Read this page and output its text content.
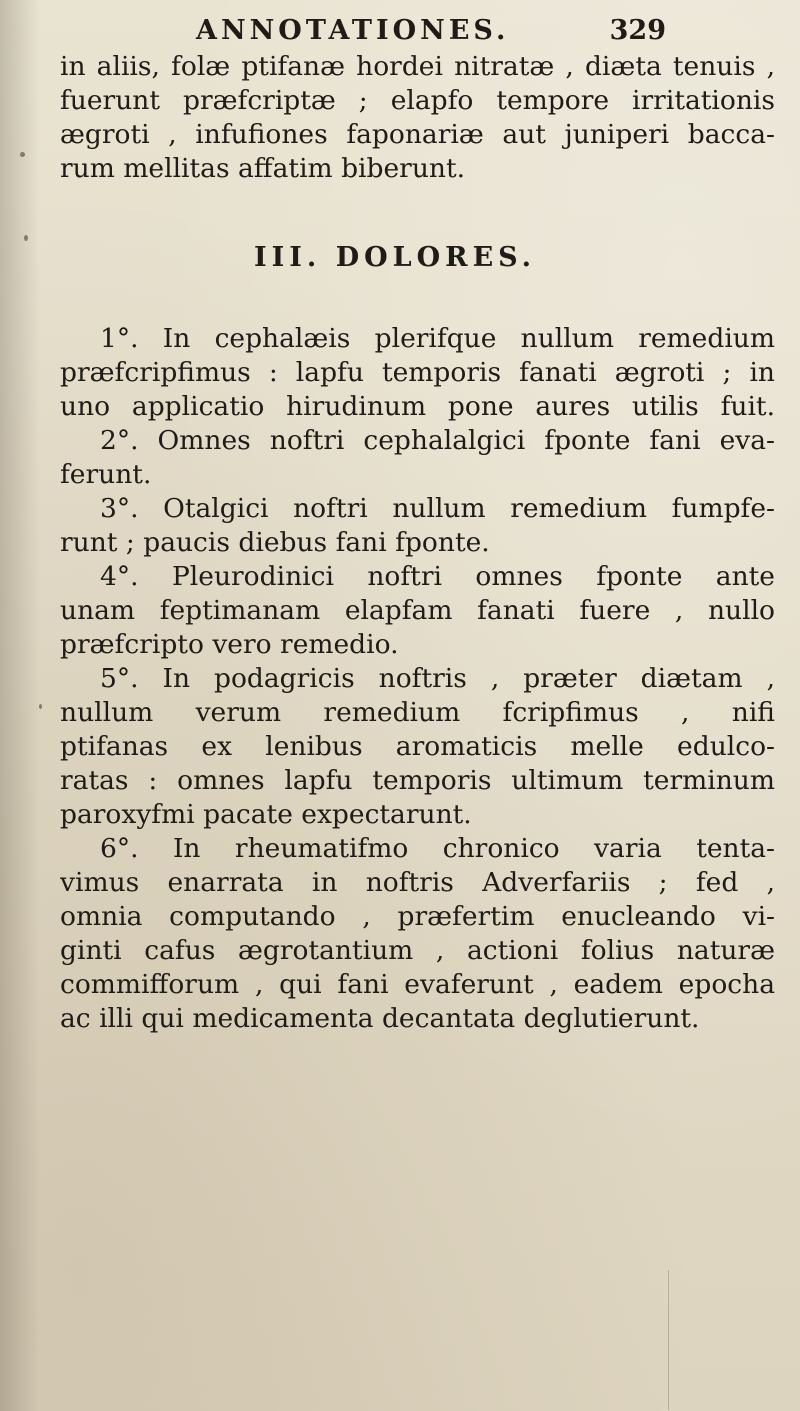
ANNOTATIONES.	329
in aliis, folæ ptifanæ hordei nitratæ , diæta tenuis ,
fuerunt præfcriptæ ; elapfo tempore irritationis
ægroti , infufiones faponariæ aut juniperi bacca-
rum mellitas affatim biberunt.
III. DOLORES.
1°. In cephalæis plerifque nullum remedium
præfcripfimus : lapfu temporis fanati ægroti ; in
uno applicatio hirudinum pone aures utilis fuit.
2°. Omnes noftri cephalalgici fponte fani eva-
ferunt.
3°. Otalgici noftri nullum remedium fumpfe-
runt ; paucis diebus fani fponte.
4°. Pleurodinici noftri omnes fponte ante
unam feptimanam elapfam fanati fuere , nullo
præfcripto vero remedio.
5°. In podagricis noftris , præter diætam ,
nullum verum remedium fcripfimus , nifi
ptifanas ex lenibus aromaticis melle edulco-
ratas : omnes lapfu temporis ultimum terminum
paroxyfmi pacate expectarunt.
6°. In rheumatifmo chronico varia tenta-
vimus enarrata in noftris Adverfariis ; fed ,
omnia computando , præfertim enucleando vi-
ginti cafus ægrotantium , actioni folius naturæ
commifforum , qui fani evaferunt , eadem epocha
ac illi qui medicamenta decantata deglutierunt.
